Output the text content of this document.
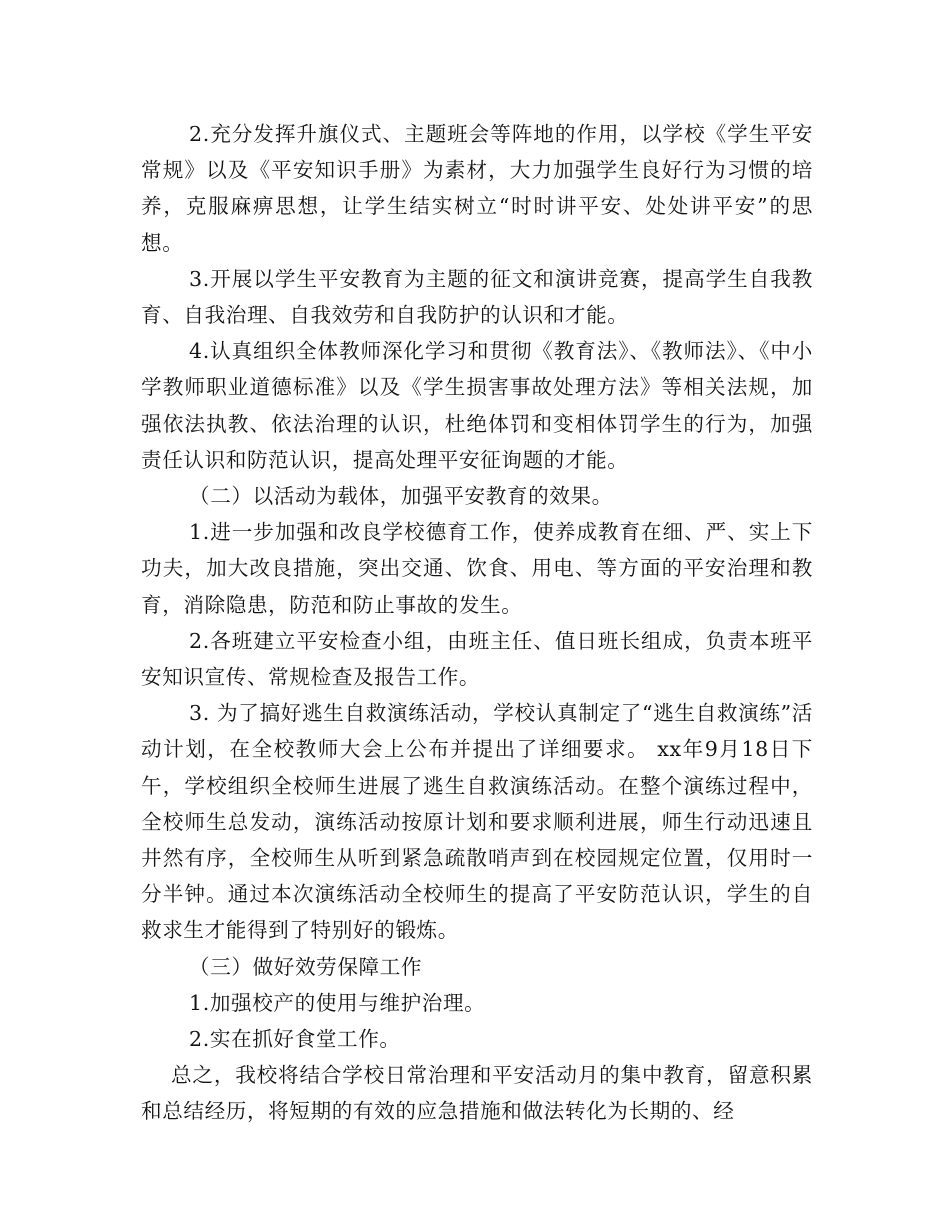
2.充分发挥升旗仪式、主题班会等阵地的作用，以学校《学生平安常规》以及《平安知识手册》为素材，大力加强学生良好行为习惯的培养，克服麻痹思想，让学生结实树立“时时讲平安、处处讲平安”的思想。

3.开展以学生平安教育为主题的征文和演讲竞赛，提高学生自我教育、自我治理、自我效劳和自我防护的认识和才能。

4.认真组织全体教师深化学习和贯彻《教育法》、《教师法》、《中小学教师职业道德标准》以及《学生损害事故处理方法》等相关法规，加强依法执教、依法治理的认识，杜绝体罚和变相体罚学生的行为，加强责任认识和防范认识，提高处理平安征询题的才能。

（二）以活动为载体，加强平安教育的效果。

1.进一步加强和改良学校德育工作，使养成教育在细、严、实上下功夫，加大改良措施，突出交通、饮食、用电、等方面的平安治理和教育，消除隐患，防范和防止事故的发生。

2.各班建立平安检查小组，由班主任、值日班长组成，负责本班平安知识宣传、常规检查及报告工作。

3. 为了搞好逃生自救演练活动，学校认真制定了“逃生自救演练”活动计划，在全校教师大会上公布并提出了详细要求。 xx年9月18日下午，学校组织全校师生进展了逃生自救演练活动。在整个演练过程中，全校师生总发动，演练活动按原计划和要求顺利进展，师生行动迅速且井然有序，全校师生从听到紧急疏散哨声到在校园规定位置，仅用时一分半钟。通过本次演练活动全校师生的提高了平安防范认识，学生的自救求生才能得到了特别好的锻炼。

（三）做好效劳保障工作

1.加强校产的使用与维护治理。

2.实在抓好食堂工作。

总之，我校将结合学校日常治理和平安活动月的集中教育，留意积累和总结经历，将短期的有效的应急措施和做法转化为长期的、经
